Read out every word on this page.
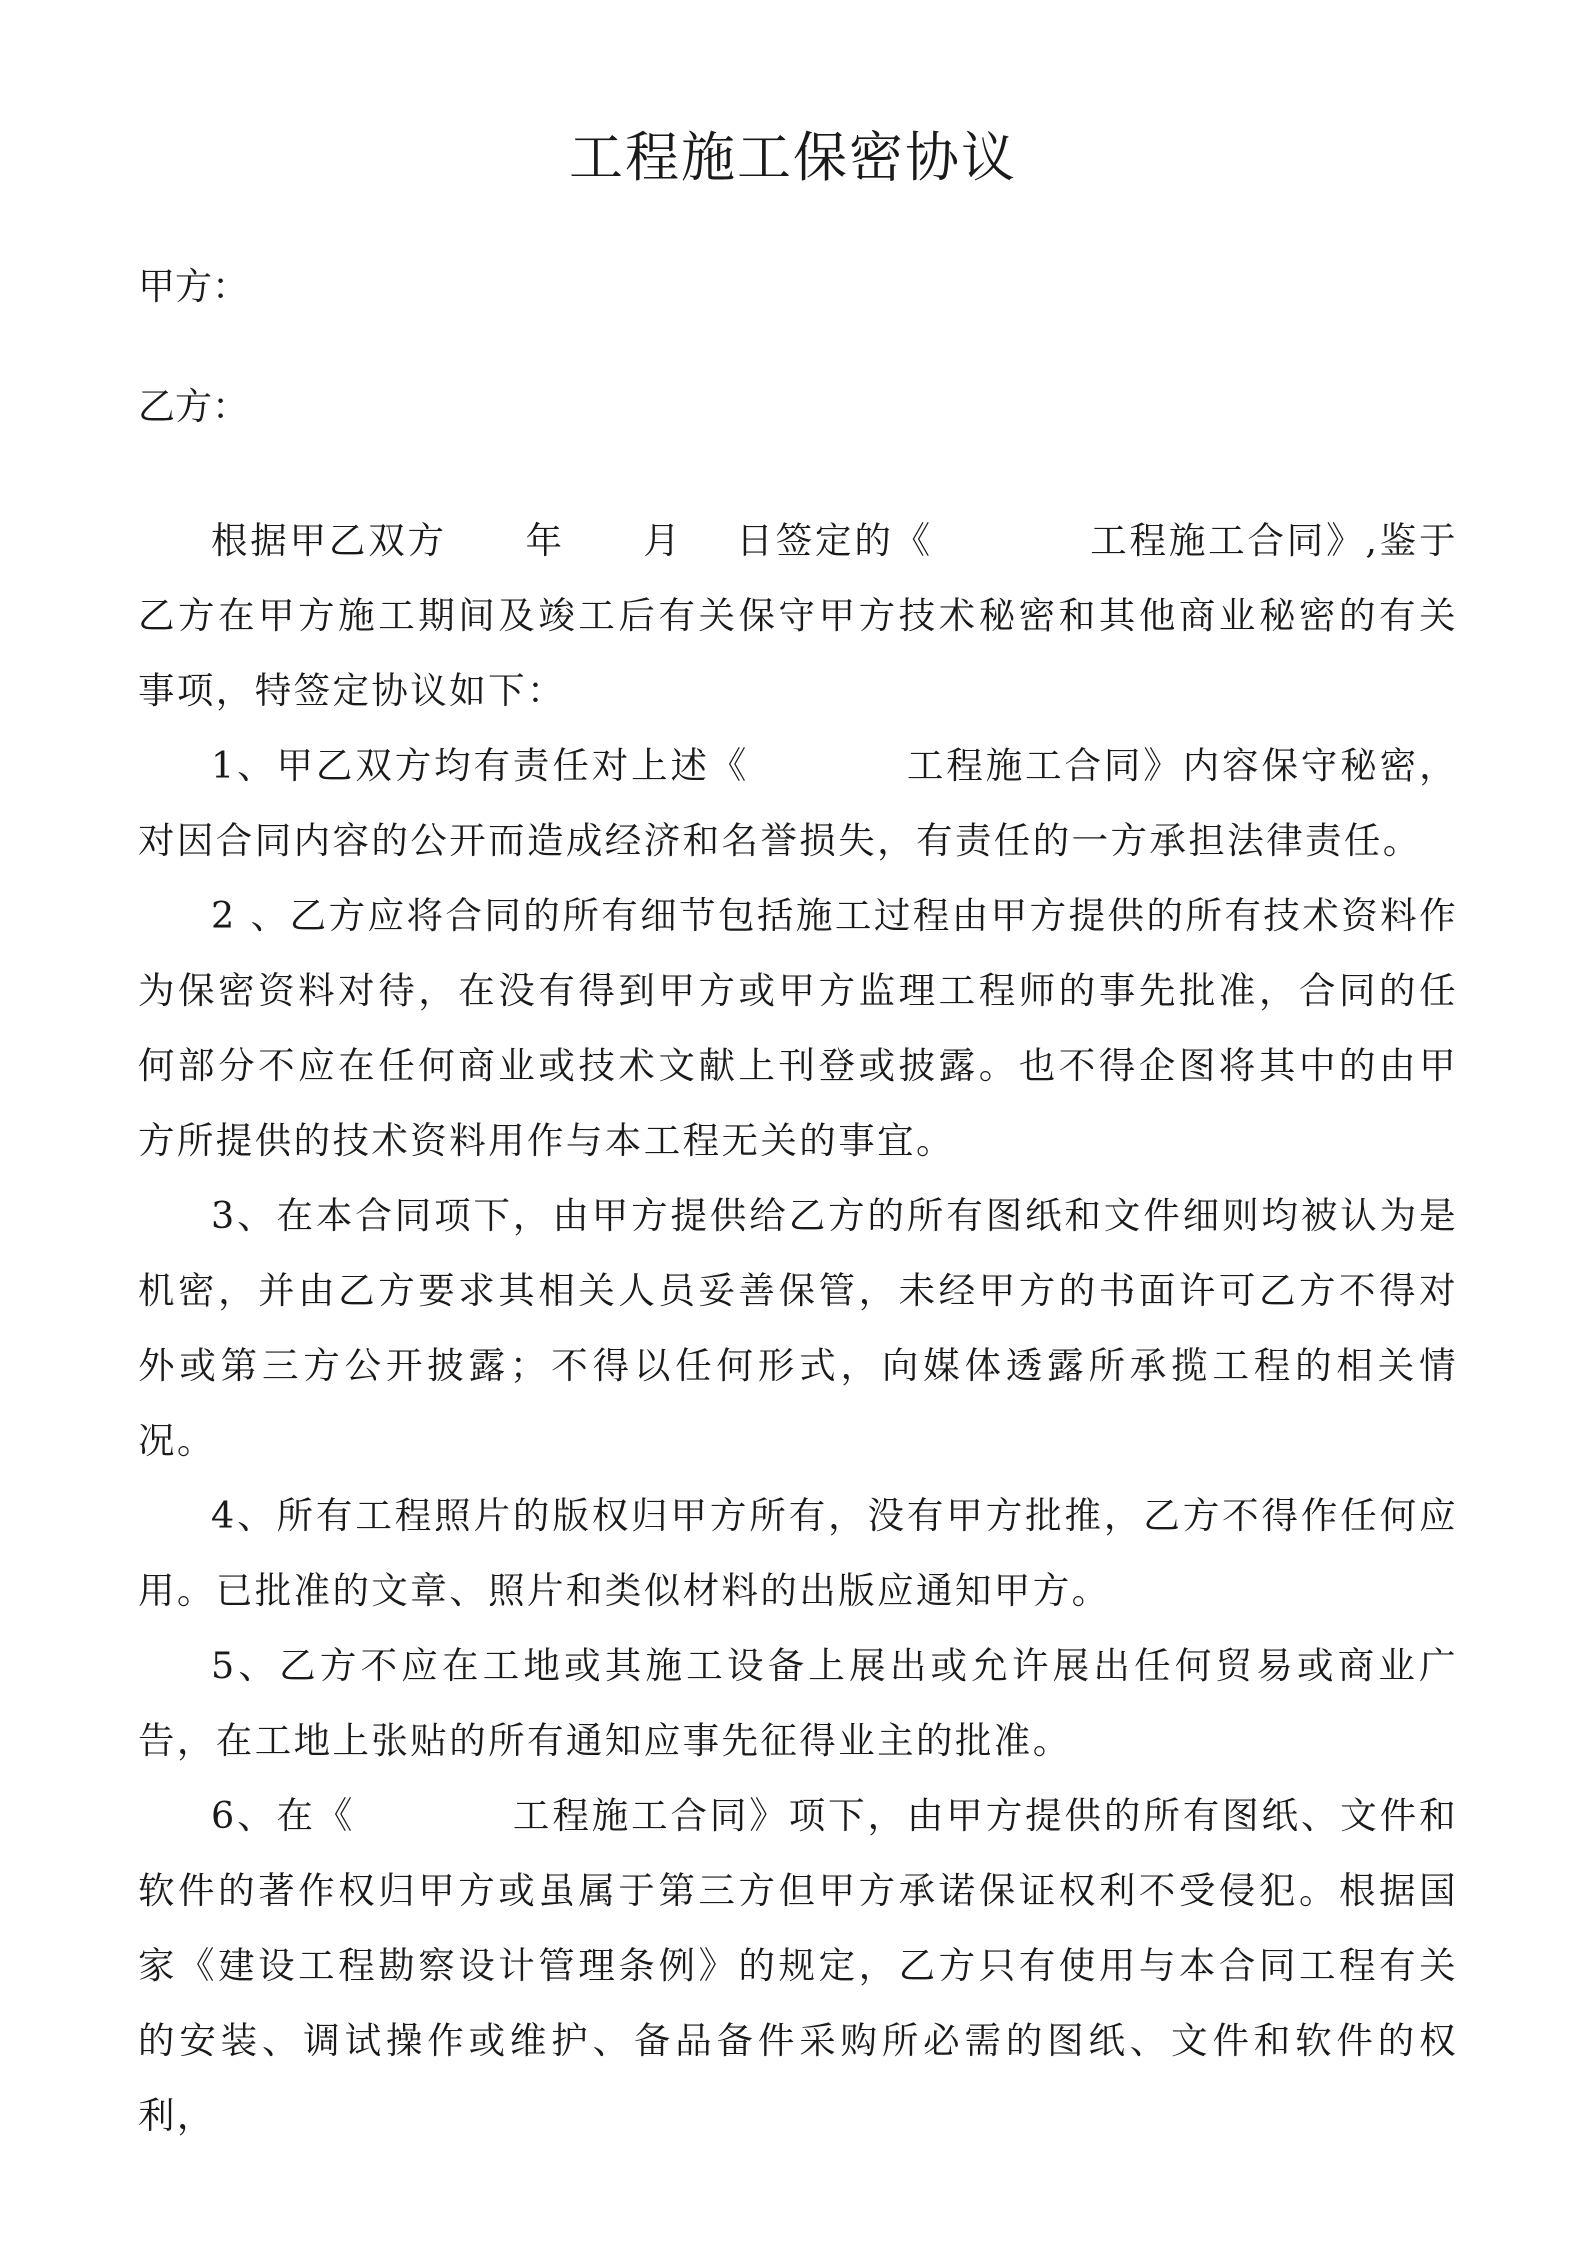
工程施工保密协议

甲方：

乙方：

根据甲乙双方　　年　　月　 日签定的《　　　　工程施工合同》,鉴于乙方在甲方施工期间及竣工后有关保守甲方技术秘密和其他商业秘密的有关事项，特签定协议如下：

1、甲乙双方均有责任对上述《　　　　工程施工合同》内容保守秘密，对因合同内容的公开而造成经济和名誉损失，有责任的一方承担法律责任。

2 、乙方应将合同的所有细节包括施工过程由甲方提供的所有技术资料作为保密资料对待，在没有得到甲方或甲方监理工程师的事先批准，合同的任何部分不应在任何商业或技术文献上刊登或披露。也不得企图将其中的由甲方所提供的技术资料用作与本工程无关的事宜。

3、在本合同项下，由甲方提供给乙方的所有图纸和文件细则均被认为是机密，并由乙方要求其相关人员妥善保管，未经甲方的书面许可乙方不得对外或第三方公开披露；不得以任何形式，向媒体透露所承揽工程的相关情况。

4、所有工程照片的版权归甲方所有，没有甲方批推，乙方不得作任何应用。已批准的文章、照片和类似材料的出版应通知甲方。

5、乙方不应在工地或其施工设备上展出或允许展出任何贸易或商业广告，在工地上张贴的所有通知应事先征得业主的批准。

6、在《　　　　工程施工合同》项下，由甲方提供的所有图纸、文件和软件的著作权归甲方或虽属于第三方但甲方承诺保证权利不受侵犯。根据国家《建设工程勘察设计管理条例》的规定，乙方只有使用与本合同工程有关的安装、调试操作或维护、备品备件采购所必需的图纸、文件和软件的权利，
